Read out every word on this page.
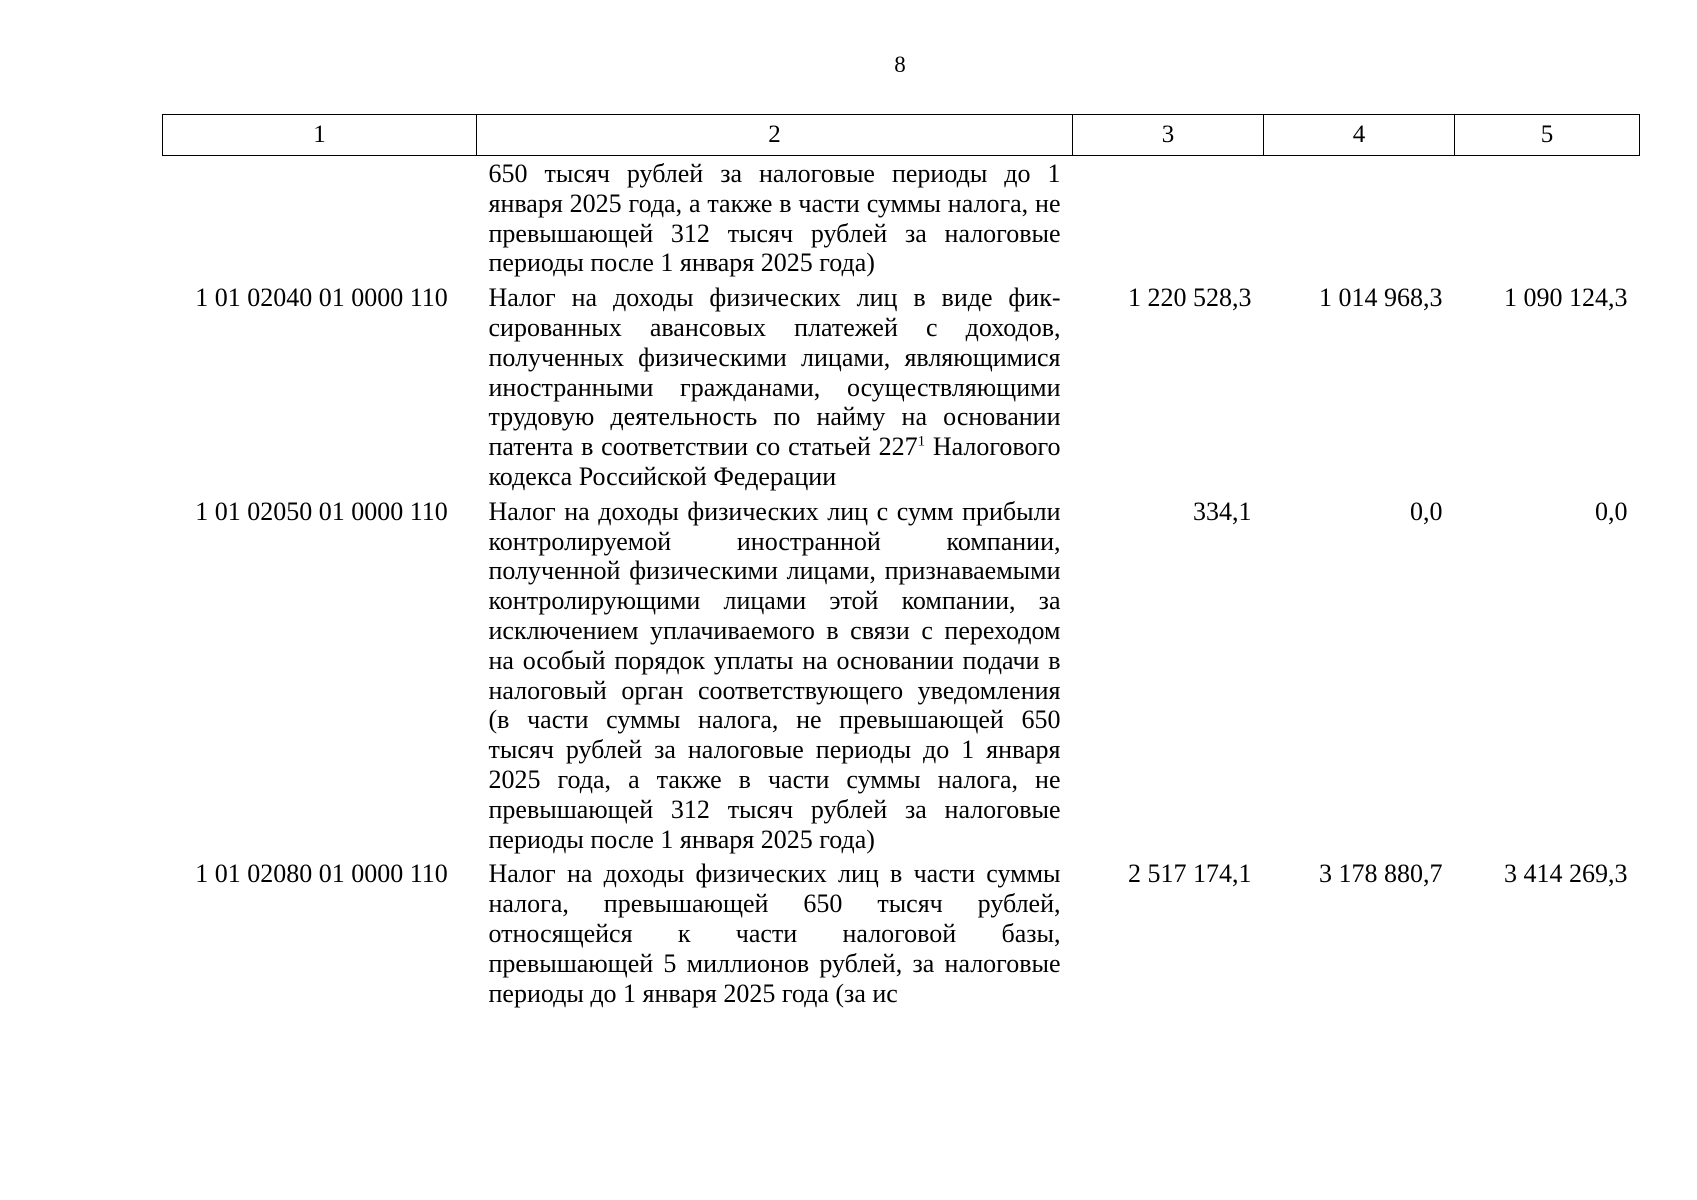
8
1	2	3	4	5
	650 тысяч рублей за налоговые периоды до 1 января 2025 года, а также в части суммы налога, не превышающей 312 тысяч рублей за налоговые периоды после 1 января 2025 года)			
1 01 02040 01 0000 110	Налог на доходы физических лиц в виде фиксированных авансовых платежей с доходов, полученных физическими лицами, являющимися иностранными гражданами, осуществляющими трудовую деятельность по найму на основании патента в соответствии со статьей $227^1$ Налогового кодекса Российской Федерации	1 220 528,3	1 014 968,3	1 090 124,3
1 01 02050 01 0000 110	Налог на доходы физических лиц с сумм прибыли контролируемой иностранной компании, полученной физическими лицами, признаваемыми контролирующими лицами этой компании, за исключением уплачиваемого в связи с переходом на особый порядок уплаты на основании подачи в налоговый орган соответствующего уведомления (в части суммы налога, не превышающей 650 тысяч рублей за налоговые периоды до 1 января 2025 года, а также в части суммы налога, не превышающей 312 тысяч рублей за налоговые периоды после 1 января 2025 года)	334,1	0,0	0,0
1 01 02080 01 0000 110	Налог на доходы физических лиц в части суммы налога, превышающей 650 тысяч рублей, относящейся к части налоговой базы, превышающей 5 миллионов рублей, за налоговые периоды до 1 января 2025 года (за ис	2 517 174,1	3 178 880,7	3 414 269,3
